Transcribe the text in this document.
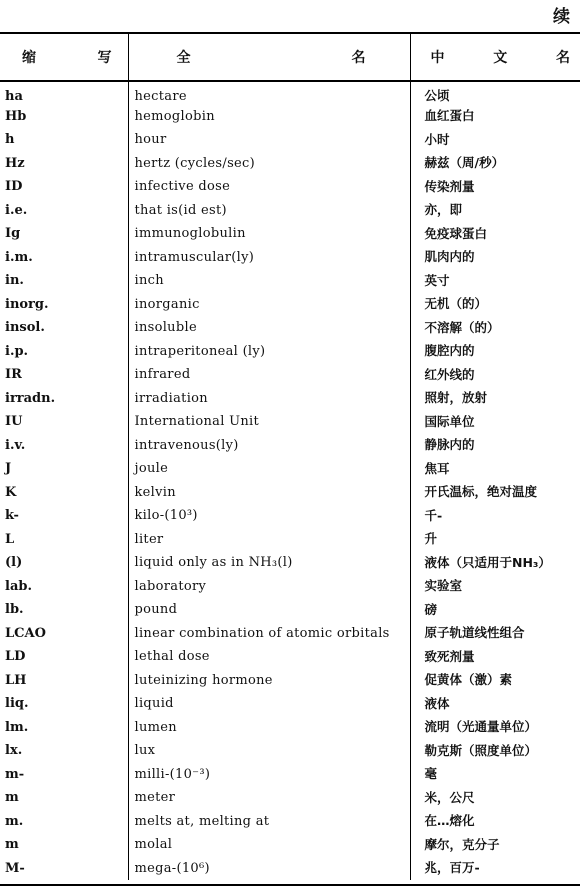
续
缩 写	全 名	中 文 名

ha	hectare	公顷
Hb	hemoglobin	血红蛋白
h	hour	小时
Hz	hertz (cycles/sec)	赫兹（周/秒）
ID	infective dose	传染剂量
i.e.	that is(id est)	亦，即
Ig	immunoglobulin	免疫球蛋白
i.m.	intramuscular(ly)	肌肉内的
in.	inch	英寸
inorg.	inorganic	无机（的）
insol.	insoluble	不溶解（的）
i.p.	intraperitoneal (ly)	腹腔内的
IR	infrared	红外线的
irradn.	irradiation	照射，放射
IU	International Unit	国际单位
i.v.	intravenous(ly)	静脉内的
J	joule	焦耳
K	kelvin	开氏温标，绝对温度
k-	kilo-(10³)	千-
L	liter	升
(l)	liquid only as in NH₃(l)	液体（只适用于NH₃）
lab.	laboratory	实验室
lb.	pound	磅
LCAO	linear combination of atomic orbitals	原子轨道线性组合
LD	lethal dose	致死剂量
LH	luteinizing hormone	促黄体（激）素
liq.	liquid	液体
lm.	lumen	流明（光通量单位）
lx.	lux	勒克斯（照度单位）
m-	milli-(10⁻³)	毫
m	meter	米，公尺
m.	melts at, melting at	在…熔化
m	molal	摩尔，克分子
M-	mega-(10⁶)	兆，百万-
